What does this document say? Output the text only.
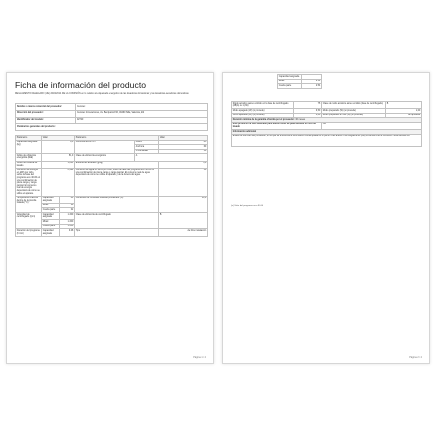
Ficha de información del producto
REGLAMENTO DELEGADO (UE) 2019/2014 DE LA COMISIÓN en lo relativo al etiquetado energético de las lavadoras domésticas y las lavadoras-secadoras domésticas
Nombre o marca comercial del proveedor:	Cecotec
Dirección del proveedor:	Cecotec Innovaciones, Av. Beniparrell 66, 46460 Silla, Valencia, ES
Identificador del modelo:	02720
Parámetros generales del producto:	
Parámetro	Valor		Parámetro		Valor
Capacidad asignada (kg)	8,0		Dimensiones en cm	Altura	85
				Anchura	60
				Profundidad	50
Índice de eficiencia energética (IEE)	51,0		Clase de eficiencia energética	A	
Índice de eficacia de lavado	1,031		Eficacia del aclarado (g/kg)		5,0
Consumo de energía en kWh por ciclo, sobre la base del programa eco 40-60 en una combinación de plena carga y carga parcial. El consumo real de energía dependerá de cómo se utilice el aparato.	0,494		Consumo de agua en litros por ciclo, sobre la base del programa eco 40-60 en una combinación de plena carga y carga parcial. El consumo real de agua dependerá de cómo se utilice el aparato y de la dureza del agua.		50
Temperatura máxima dentro de la prenda tratada (°C)	Capacidad asignada	43	Contenido de humedad residual ponderado (%)		53,9
	Mitad	38			
	Cuarta parte	32			
Velocidad de centrifugado (rpm)	Capacidad asignada	1 200	Clase de eficiencia de centrifugado		B
	Mitad	1 200			
	Cuarta parte	1 200			
Duración del programa (h:min)	Capacidad asignada	3:48	Tipo		de libre instalación
Página 1 / 2
Capacidad asignada	
Mitad	2:54
Cuarta parte	2:54
Ruido acústico aéreo emitido en la fase de centrifugado (dB(A) re 1 pW)	75	Clase de ruido acústico aéreo emitido (fase de centrifugado)	B
Modo apagado (W) (si procede)	0,50	Modo preparado (W) (si procede)	1,00
Inicio aplazado (W) (si procede)	4,00	Modo preparado en red (W) (si procede)	No aplicable
Duración mínima de la garantía ofrecida por el proveedor: 36 meses			
Este producto ha sido diseñado para liberar iones de plata durante el ciclo de lavado		NO	
Información adicional			
Enlace al sitio web del proveedor, en el que se encuentra la información contemplada en el punto 9 del anexo II del Reglamento (UE) 2019/2023 de la Comisión: www.cecotec.es			
(a) Valor del programa eco 40-60
Página 2 / 2
